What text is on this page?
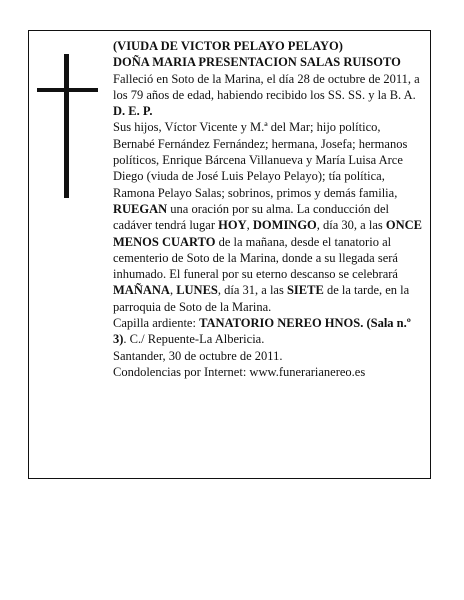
(VIUDA DE VICTOR PELAYO PELAYO)

DOÑA MARIA PRESENTACION SALAS RUISOTO

Falleció en Soto de la Marina, el día 28 de octubre de 2011, a los 79 años de edad, habiendo recibido los SS. SS. y la B. A.

D. E. P.

Sus hijos, Víctor Vicente y M.ª del Mar; hijo político, Bernabé Fernández Fernández; hermana, Josefa; hermanos políticos, Enrique Bárcena Villanueva y María Luisa Arce Diego (viuda de José Luis Pelayo Pelayo); tía política, Ramona Pelayo Salas; sobrinos, primos y demás familia,

RUEGAN una oración por su alma. La conducción del cadáver tendrá lugar HOY, DOMINGO, día 30, a las ONCE MENOS CUARTO de la mañana, desde el tanatorio al cementerio de Soto de la Marina, donde a su llegada será inhumado. El funeral por su eterno descanso se celebrará MAÑANA, LUNES, día 31, a las SIETE de la tarde, en la parroquia de Soto de la Marina.

Capilla ardiente: TANATORIO NEREO HNOS. (Sala n.º 3). C./ Repuente-La Albericia.

Santander, 30 de octubre de 2011.

Condolencias por Internet: www.funerarianereo.es
